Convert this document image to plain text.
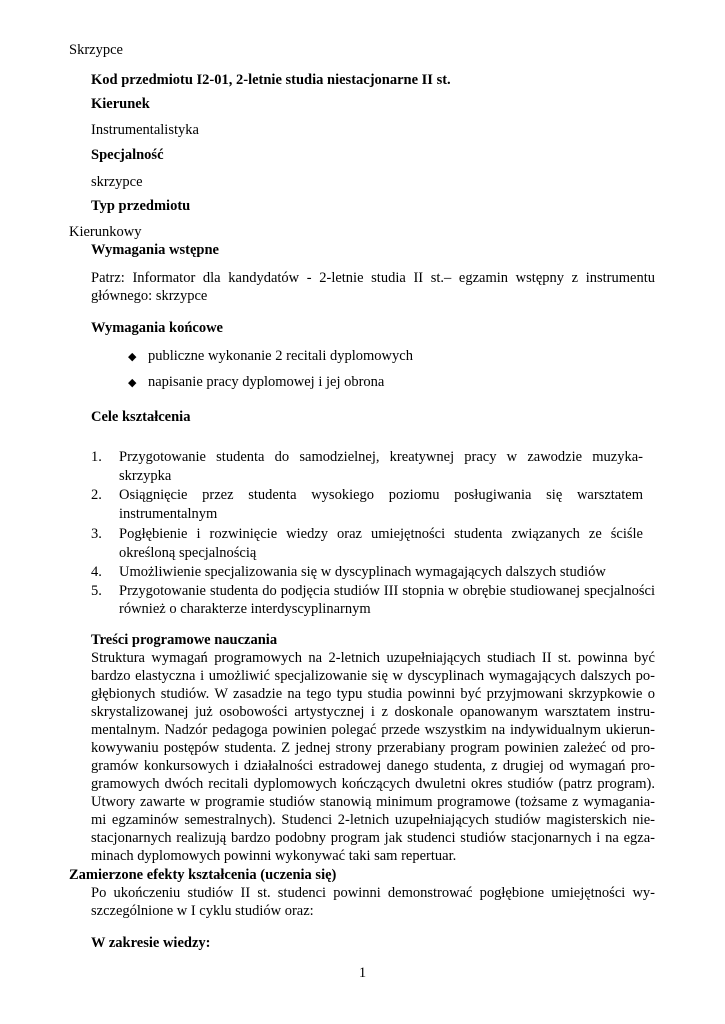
Skrzypce
Kod przedmiotu I2-01, 2-letnie studia niestacjonarne II st.
Kierunek
Instrumentalistyka
Specjalność
skrzypce
Typ przedmiotu
Kierunkowy
Wymagania wstępne
Patrz: Informator dla kandydatów - 2-letnie studia II st.– egzamin wstępny z instrumentu
głównego: skrzypce
Wymagania końcowe
◆ publiczne wykonanie 2 recitali dyplomowych
◆ napisanie pracy dyplomowej i jej obrona
Cele kształcenia
1. Przygotowanie studenta do samodzielnej, kreatywnej pracy w zawodzie muzyka-
skrzypka
2. Osiągnięcie przez studenta wysokiego poziomu posługiwania się warsztatem
instrumentalnym
3. Pogłębienie i rozwinięcie wiedzy oraz umiejętności studenta związanych ze ściśle
określoną specjalnością
4. Umożliwienie specjalizowania się w dyscyplinach wymagających dalszych studiów
5. Przygotowanie studenta do podjęcia studiów III stopnia w obrębie studiowanej specjalności
również o charakterze interdyscyplinarnym
Treści programowe nauczania
Struktura wymagań programowych na 2-letnich uzupełniających studiach II st. powinna być
bardzo elastyczna i umożliwić specjalizowanie się w dyscyplinach wymagających dalszych po-
głębionych studiów. W zasadzie na tego typu studia powinni być przyjmowani skrzypkowie o
skrystalizowanej już osobowości artystycznej i z doskonale opanowanym warsztatem instru-
mentalnym. Nadzór pedagoga powinien polegać przede wszystkim na indywidualnym ukierun-
kowywaniu postępów studenta. Z jednej strony przerabiany program powinien zależeć od pro-
gramów konkursowych i działalności estradowej danego studenta, z drugiej od wymagań pro-
gramowych dwóch recitali dyplomowych kończących dwuletni okres studiów (patrz program).
Utwory zawarte w programie studiów stanowią minimum programowe (tożsame z wymagania-
mi egzaminów semestralnych). Studenci 2-letnich uzupełniających studiów magisterskich nie-
stacjonarnych realizują bardzo podobny program jak studenci studiów stacjonarnych i na egza-
minach dyplomowych powinni wykonywać taki sam repertuar.
Zamierzone efekty kształcenia (uczenia się)
Po ukończeniu studiów II st. studenci powinni demonstrować pogłębione umiejętności wy-
szczególnione w I cyklu studiów oraz:
W zakresie wiedzy:
1
